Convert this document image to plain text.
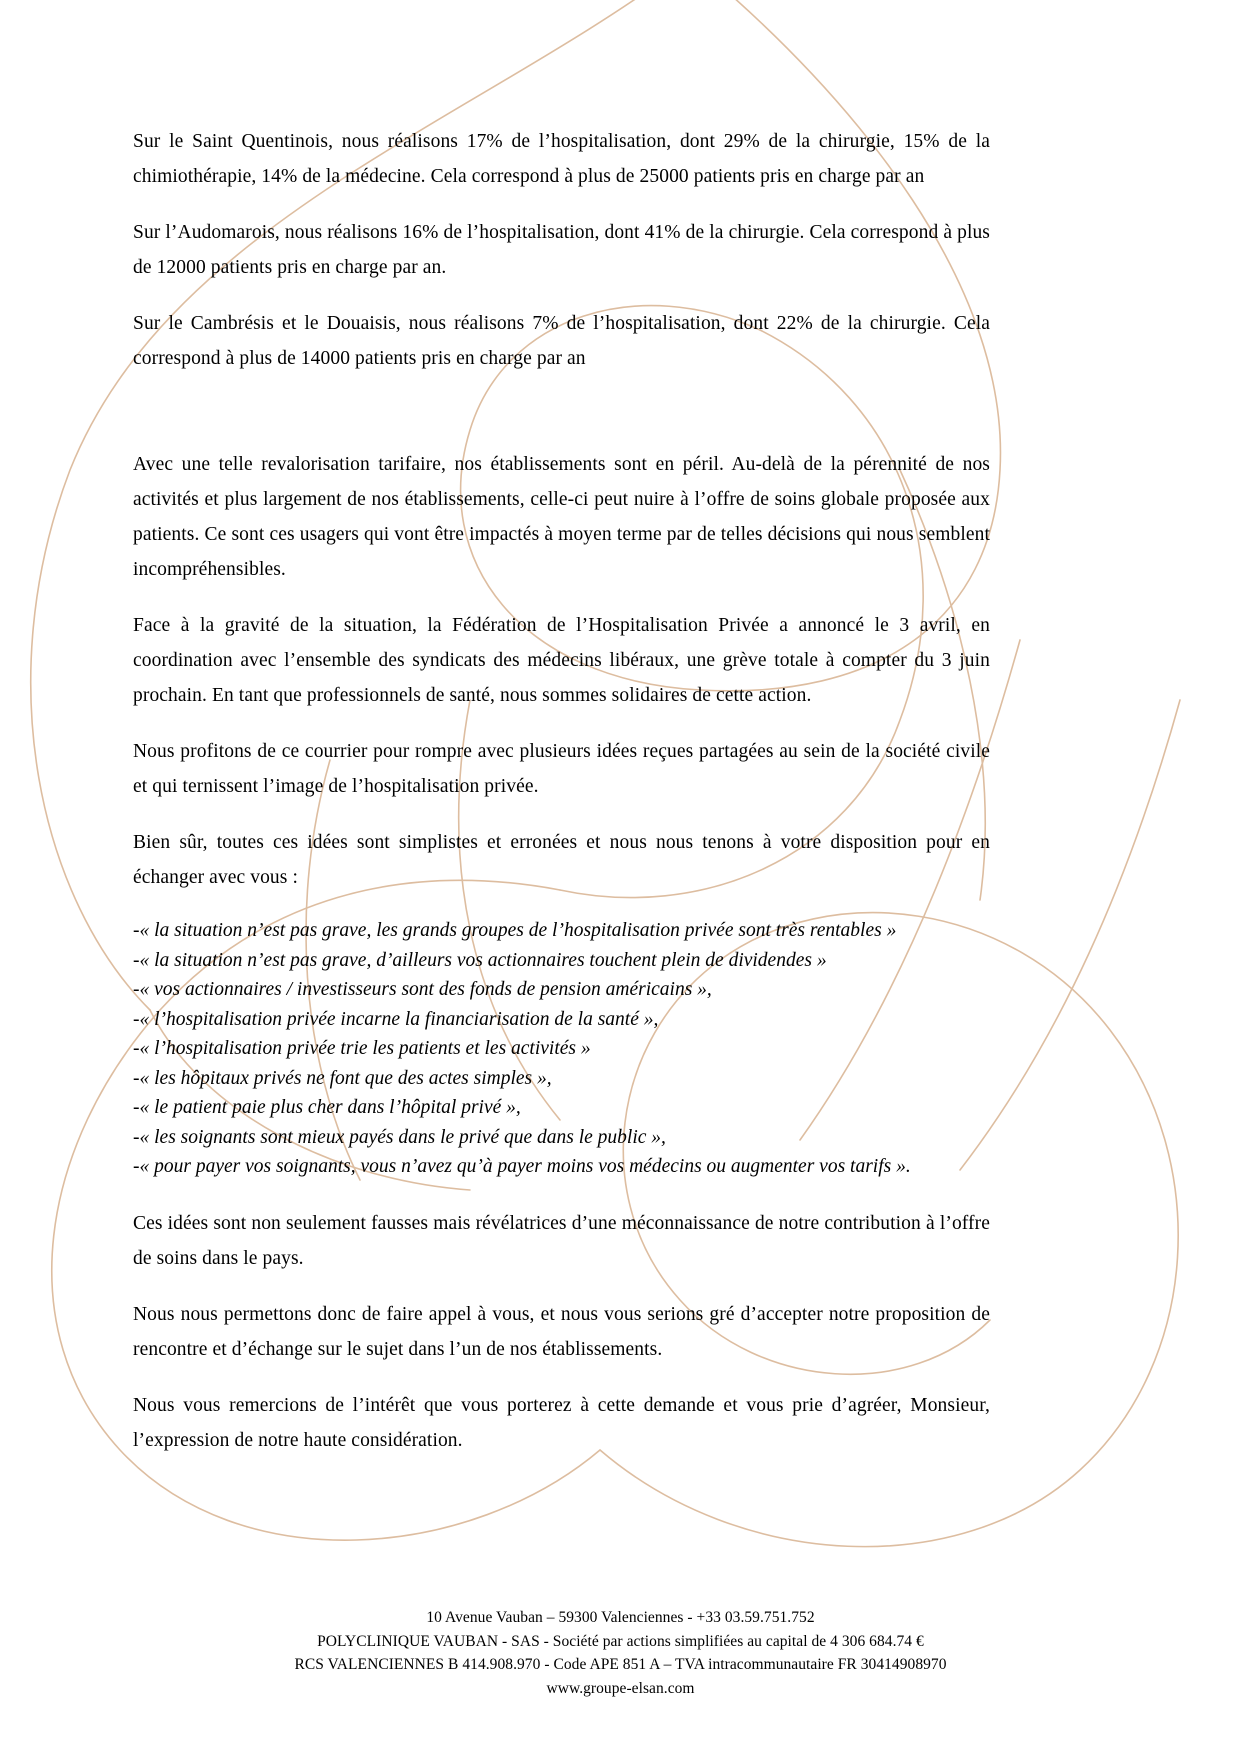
Sur le Saint Quentinois, nous réalisons 17% de l’hospitalisation, dont 29% de la chirurgie, 15% de la chimiothérapie, 14% de la médecine. Cela correspond à plus de 25000 patients pris en charge par an

Sur l’Audomarois, nous réalisons 16% de l’hospitalisation, dont 41% de la chirurgie. Cela correspond à plus de 12000 patients pris en charge par an.

Sur le Cambrésis et le Douaisis, nous réalisons 7% de l’hospitalisation, dont 22% de la chirurgie. Cela correspond à plus de 14000 patients pris en charge par an

Avec une telle revalorisation tarifaire, nos établissements sont en péril. Au-delà de la pérennité de nos activités et plus largement de nos établissements, celle-ci peut nuire à l’offre de soins globale proposée aux patients. Ce sont ces usagers qui vont être impactés à moyen terme par de telles décisions qui nous semblent incompréhensibles.

Face à la gravité de la situation, la Fédération de l’Hospitalisation Privée a annoncé le 3 avril, en coordination avec l’ensemble des syndicats des médecins libéraux, une grève totale à compter du 3 juin prochain. En tant que professionnels de santé, nous sommes solidaires de cette action.

Nous profitons de ce courrier pour rompre avec plusieurs idées reçues partagées au sein de la société civile et qui ternissent l’image de l’hospitalisation privée.

Bien sûr, toutes ces idées sont simplistes et erronées et nous nous tenons à votre disposition pour en échanger avec vous :

-« la situation n’est pas grave, les grands groupes de l’hospitalisation privée sont très rentables »
-« la situation n’est pas grave, d’ailleurs vos actionnaires touchent plein de dividendes »
-« vos actionnaires / investisseurs sont des fonds de pension américains »,
-« l’hospitalisation privée incarne la financiarisation de la santé »,
-« l’hospitalisation privée trie les patients et les activités »
-« les hôpitaux privés ne font que des actes simples »,
-« le patient paie plus cher dans l’hôpital privé »,
-« les soignants sont mieux payés dans le privé que dans le public »,
-« pour payer vos soignants, vous n’avez qu’à payer moins vos médecins ou augmenter vos tarifs ».

Ces idées sont non seulement fausses mais révélatrices d’une méconnaissance de notre contribution à l’offre de soins dans le pays.

Nous nous permettons donc de faire appel à vous, et nous vous serions gré d’accepter notre proposition de rencontre et d’échange sur le sujet dans l’un de nos établissements.

Nous vous remercions de l’intérêt que vous porterez à cette demande et vous prie d’agréer, Monsieur, l’expression de notre haute considération.

10 Avenue Vauban – 59300 Valenciennes - +33 03.59.751.752
POLYCLINIQUE VAUBAN - SAS - Société par actions simplifiées au capital de 4 306 684.74 €
RCS VALENCIENNES B 414.908.970 - Code APE 851 A – TVA intracommunautaire FR 30414908970
www.groupe-elsan.com
